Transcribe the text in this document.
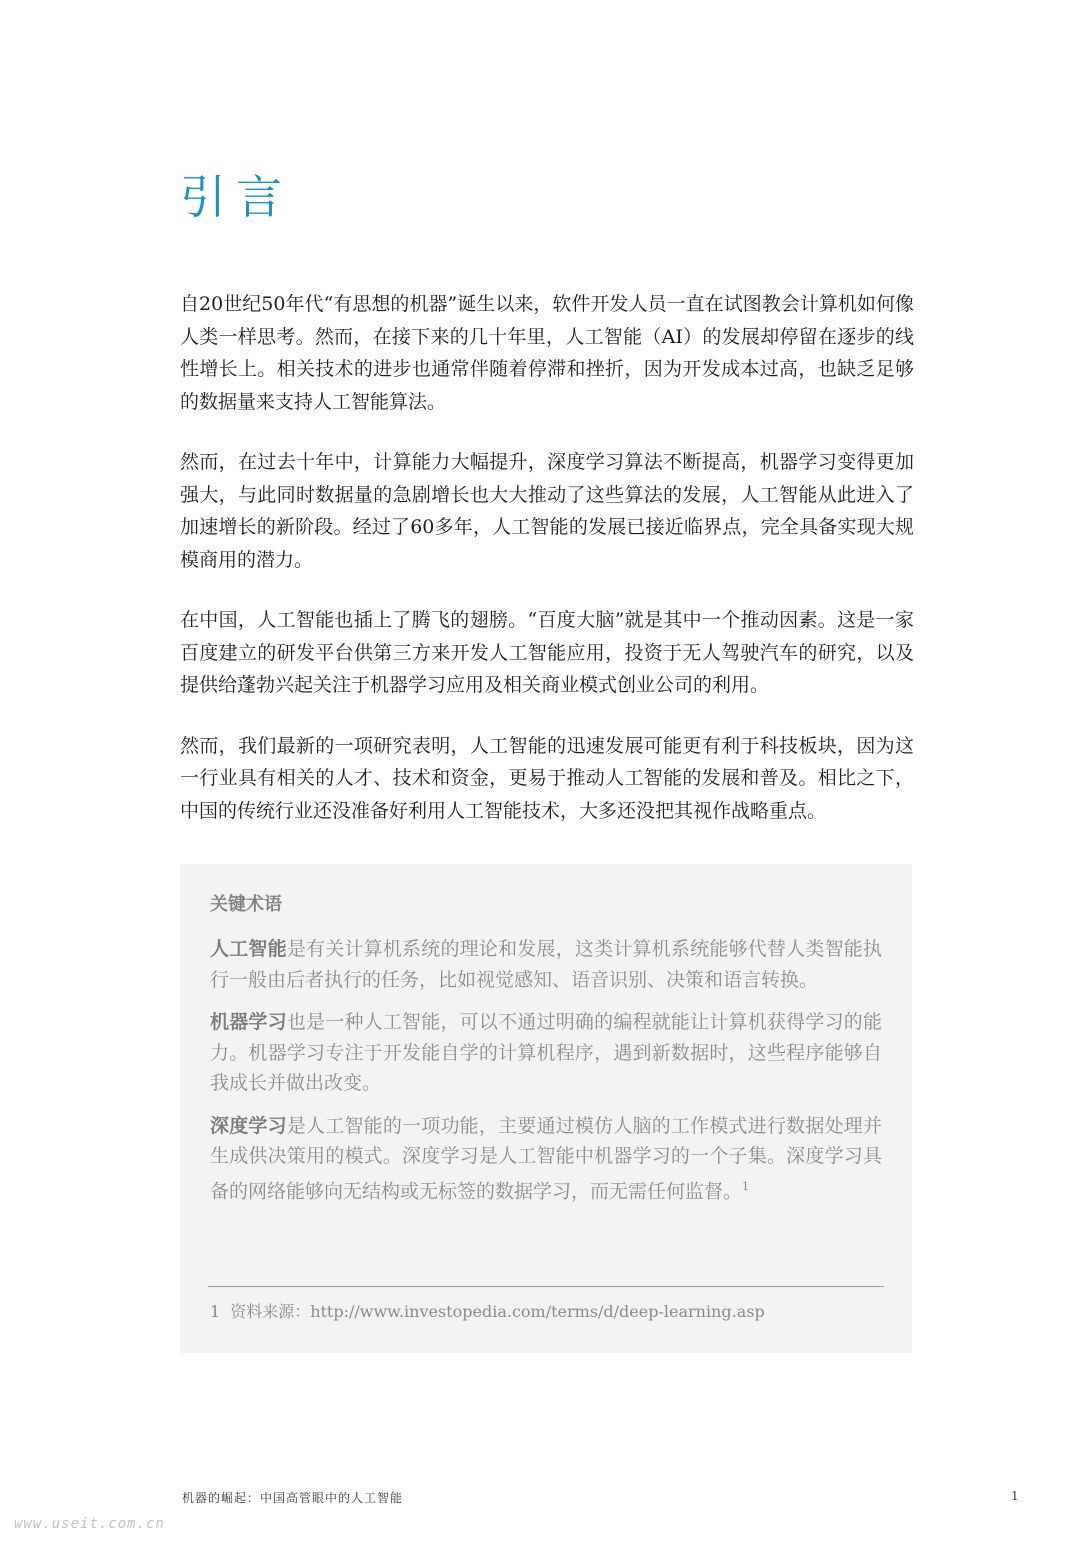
引言

自20世纪50年代“有思想的机器”诞生以来，软件开发人员一直在试图教会计算机如何像人类一样思考。然而，在接下来的几十年里，人工智能（AI）的发展却停留在逐步的线性增长上。相关技术的进步也通常伴随着停滞和挫折，因为开发成本过高，也缺乏足够的数据量来支持人工智能算法。

然而，在过去十年中，计算能力大幅提升，深度学习算法不断提高，机器学习变得更加强大，与此同时数据量的急剧增长也大大推动了这些算法的发展，人工智能从此进入了加速增长的新阶段。经过了60多年，人工智能的发展已接近临界点，完全具备实现大规模商用的潜力。

在中国，人工智能也插上了腾飞的翅膀。“百度大脑”就是其中一个推动因素。这是一家百度建立的研发平台供第三方来开发人工智能应用，投资于无人驾驶汽车的研究，以及提供给蓬勃兴起关注于机器学习应用及相关商业模式创业公司的利用。

然而，我们最新的一项研究表明，人工智能的迅速发展可能更有利于科技板块，因为这一行业具有相关的人才、技术和资金，更易于推动人工智能的发展和普及。相比之下，中国的传统行业还没准备好利用人工智能技术，大多还没把其视作战略重点。

关键术语

人工智能是有关计算机系统的理论和发展，这类计算机系统能够代替人类智能执行一般由后者执行的任务，比如视觉感知、语音识别、决策和语言转换。

机器学习也是一种人工智能，可以不通过明确的编程就能让计算机获得学习的能力。机器学习专注于开发能自学的计算机程序，遇到新数据时，这些程序能够自我成长并做出改变。

深度学习是人工智能的一项功能，主要通过模仿人脑的工作模式进行数据处理并生成供决策用的模式。深度学习是人工智能中机器学习的一个子集。深度学习具备的网络能够向无结构或无标签的数据学习，而无需任何监督。$^1$

1 资料来源：http://www.investopedia.com/terms/d/deep-learning.asp
机器的崛起：中国高管眼中的人工智能	1
www.useit.com.cn
